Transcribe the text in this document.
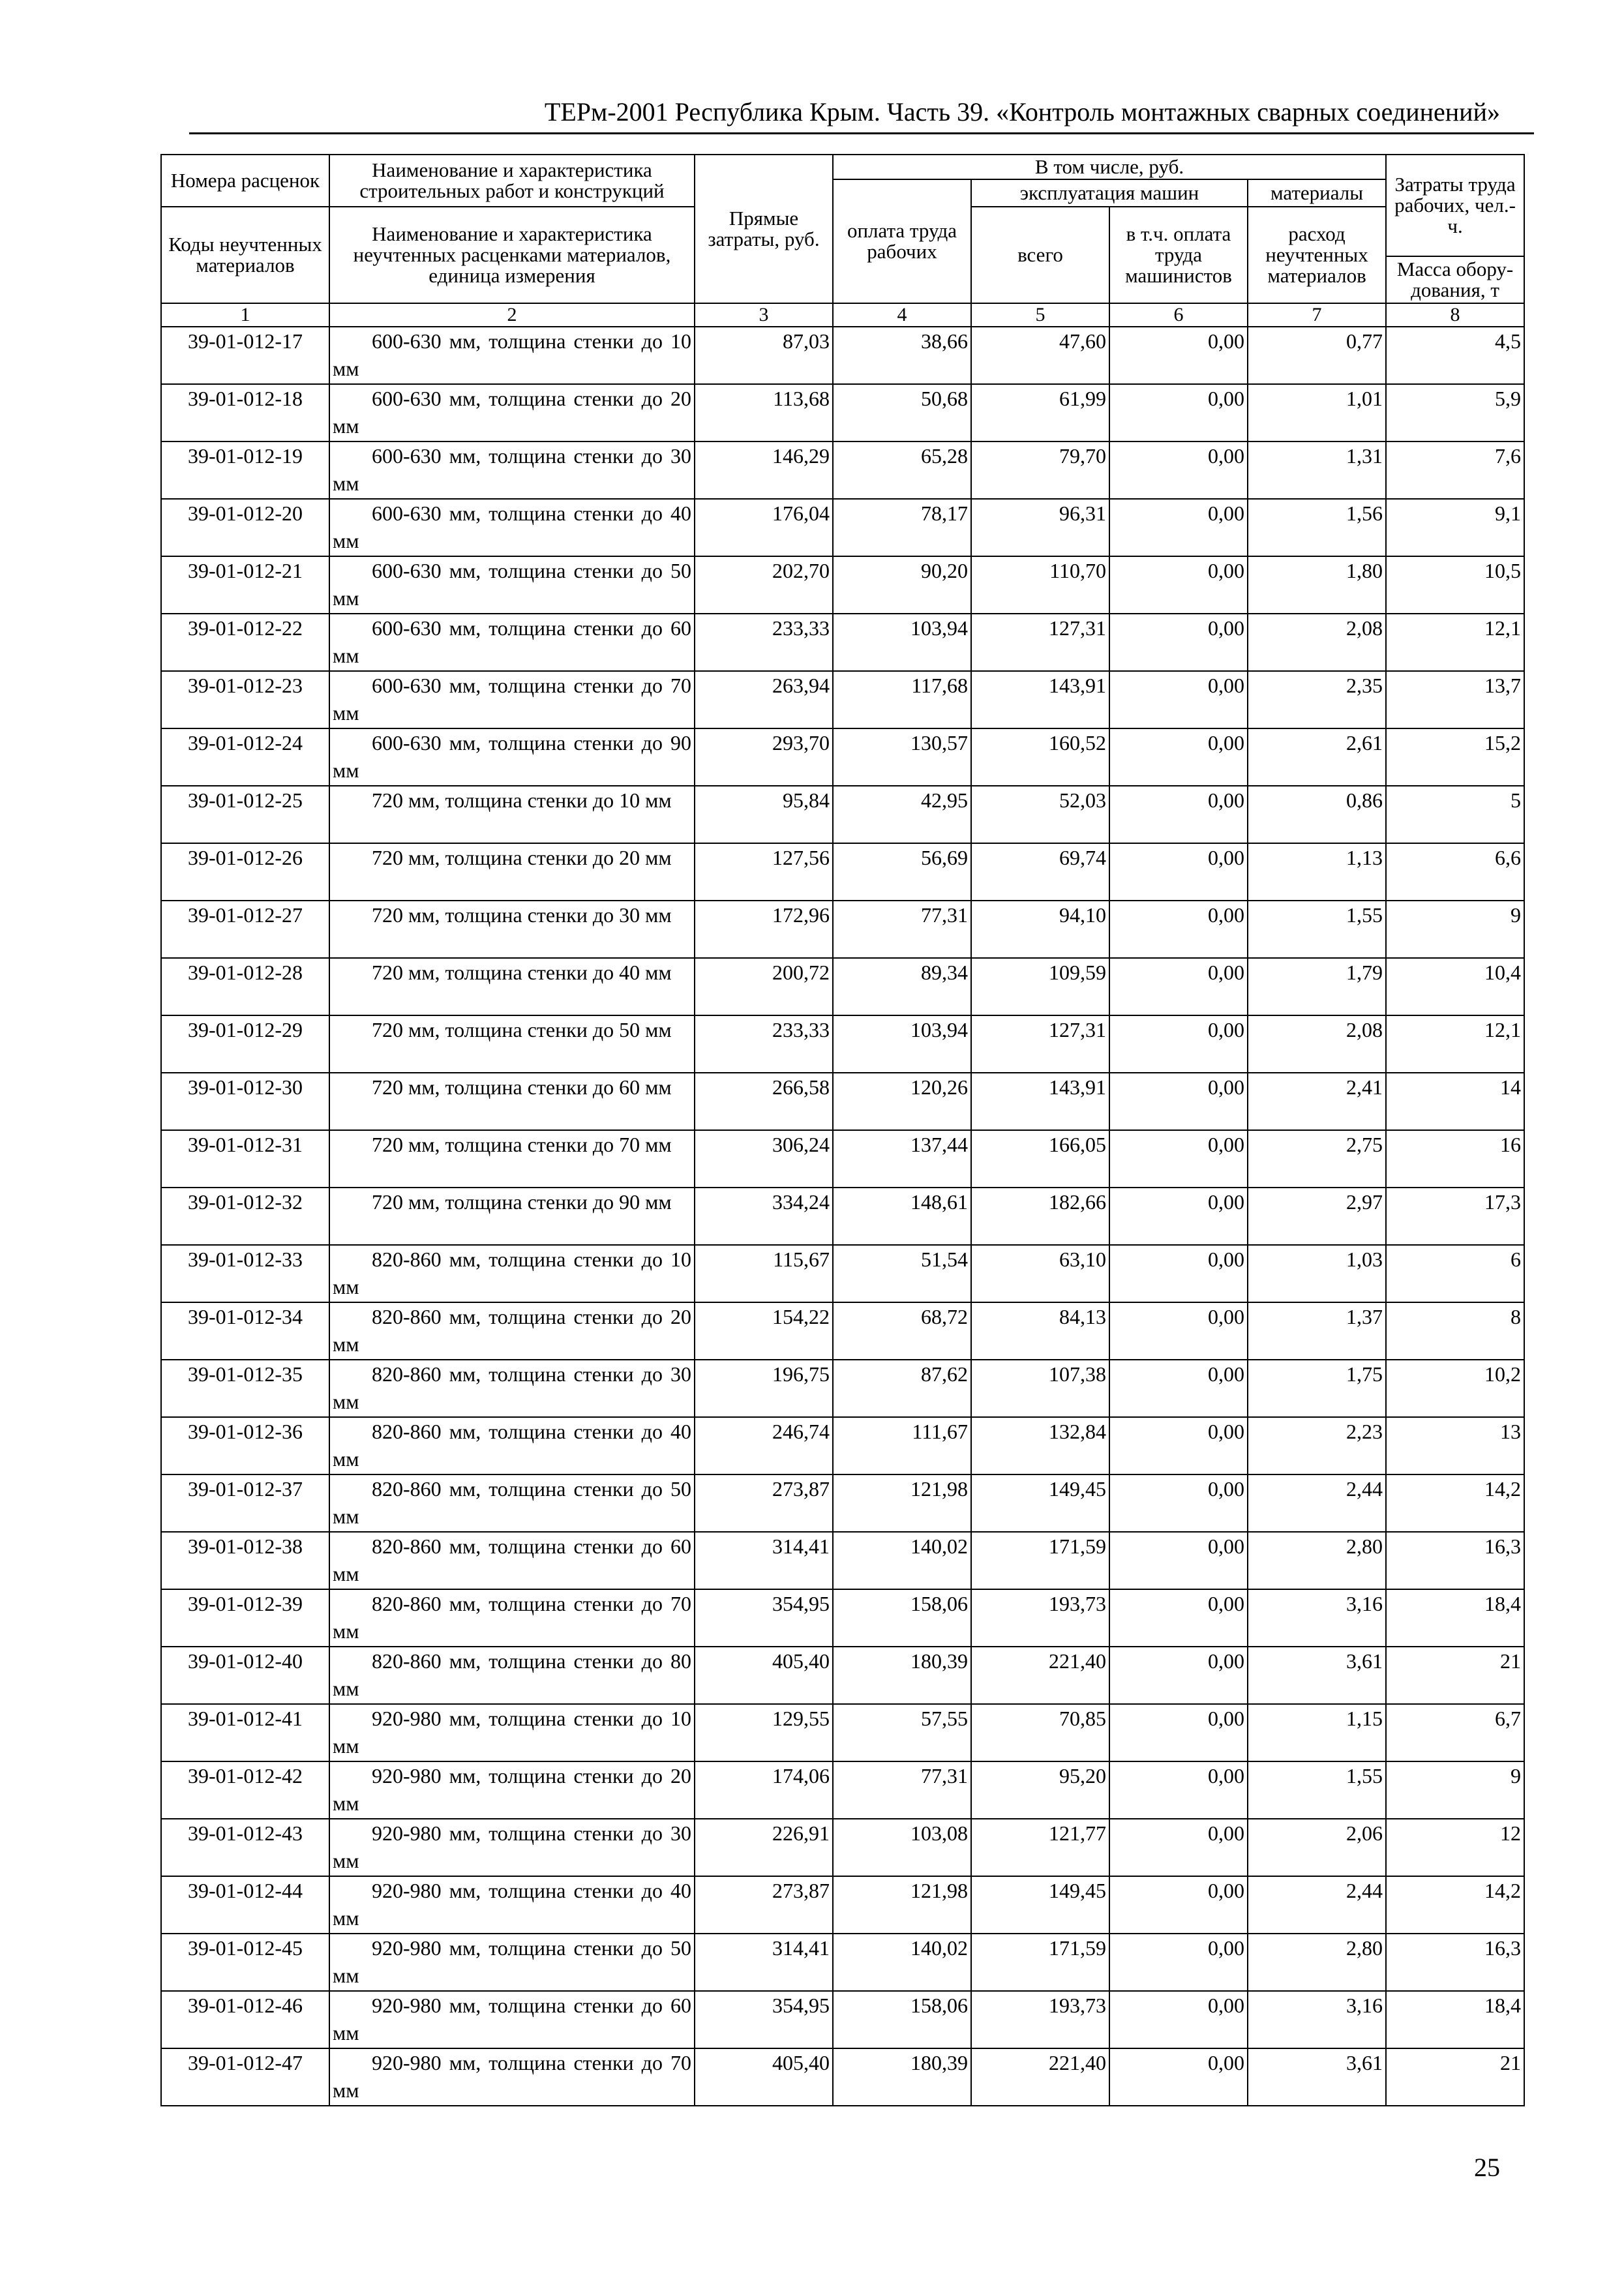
ТЕРм-2001 Республика Крым. Часть 39. «Контроль монтажных сварных соединений»
Номера расценок	Наименование и характеристика строительных работ и конструкций	Прямые затраты, руб.	В том числе, руб.				Затраты труда рабочих, чел.-ч.
			оплата труда рабочих	эксплуатация машин		материалы	
Коды неучтенных материалов	Наименование и характеристика неучтенных расценками материалов, единица измерения			всего	в т.ч. оплата труда машинистов	расход неучтенных материалов	
							Масса обору-дования, т
1	2	3	4	5	6	7	8
39-01-012-17	600-630 мм, толщина стенки до 10 мм	87,03	38,66	47,60	0,00	0,77	4,5
39-01-012-18	600-630 мм, толщина стенки до 20 мм	113,68	50,68	61,99	0,00	1,01	5,9
39-01-012-19	600-630 мм, толщина стенки до 30 мм	146,29	65,28	79,70	0,00	1,31	7,6
39-01-012-20	600-630 мм, толщина стенки до 40 мм	176,04	78,17	96,31	0,00	1,56	9,1
39-01-012-21	600-630 мм, толщина стенки до 50 мм	202,70	90,20	110,70	0,00	1,80	10,5
39-01-012-22	600-630 мм, толщина стенки до 60 мм	233,33	103,94	127,31	0,00	2,08	12,1
39-01-012-23	600-630 мм, толщина стенки до 70 мм	263,94	117,68	143,91	0,00	2,35	13,7
39-01-012-24	600-630 мм, толщина стенки до 90 мм	293,70	130,57	160,52	0,00	2,61	15,2
39-01-012-25	720 мм, толщина стенки до 10 мм	95,84	42,95	52,03	0,00	0,86	5
39-01-012-26	720 мм, толщина стенки до 20 мм	127,56	56,69	69,74	0,00	1,13	6,6
39-01-012-27	720 мм, толщина стенки до 30 мм	172,96	77,31	94,10	0,00	1,55	9
39-01-012-28	720 мм, толщина стенки до 40 мм	200,72	89,34	109,59	0,00	1,79	10,4
39-01-012-29	720 мм, толщина стенки до 50 мм	233,33	103,94	127,31	0,00	2,08	12,1
39-01-012-30	720 мм, толщина стенки до 60 мм	266,58	120,26	143,91	0,00	2,41	14
39-01-012-31	720 мм, толщина стенки до 70 мм	306,24	137,44	166,05	0,00	2,75	16
39-01-012-32	720 мм, толщина стенки до 90 мм	334,24	148,61	182,66	0,00	2,97	17,3
39-01-012-33	820-860 мм, толщина стенки до 10 мм	115,67	51,54	63,10	0,00	1,03	6
39-01-012-34	820-860 мм, толщина стенки до 20 мм	154,22	68,72	84,13	0,00	1,37	8
39-01-012-35	820-860 мм, толщина стенки до 30 мм	196,75	87,62	107,38	0,00	1,75	10,2
39-01-012-36	820-860 мм, толщина стенки до 40 мм	246,74	111,67	132,84	0,00	2,23	13
39-01-012-37	820-860 мм, толщина стенки до 50 мм	273,87	121,98	149,45	0,00	2,44	14,2
39-01-012-38	820-860 мм, толщина стенки до 60 мм	314,41	140,02	171,59	0,00	2,80	16,3
39-01-012-39	820-860 мм, толщина стенки до 70 мм	354,95	158,06	193,73	0,00	3,16	18,4
39-01-012-40	820-860 мм, толщина стенки до 80 мм	405,40	180,39	221,40	0,00	3,61	21
39-01-012-41	920-980 мм, толщина стенки до 10 мм	129,55	57,55	70,85	0,00	1,15	6,7
39-01-012-42	920-980 мм, толщина стенки до 20 мм	174,06	77,31	95,20	0,00	1,55	9
39-01-012-43	920-980 мм, толщина стенки до 30 мм	226,91	103,08	121,77	0,00	2,06	12
39-01-012-44	920-980 мм, толщина стенки до 40 мм	273,87	121,98	149,45	0,00	2,44	14,2
39-01-012-45	920-980 мм, толщина стенки до 50 мм	314,41	140,02	171,59	0,00	2,80	16,3
39-01-012-46	920-980 мм, толщина стенки до 60 мм	354,95	158,06	193,73	0,00	3,16	18,4
39-01-012-47	920-980 мм, толщина стенки до 70 мм	405,40	180,39	221,40	0,00	3,61	21
25
